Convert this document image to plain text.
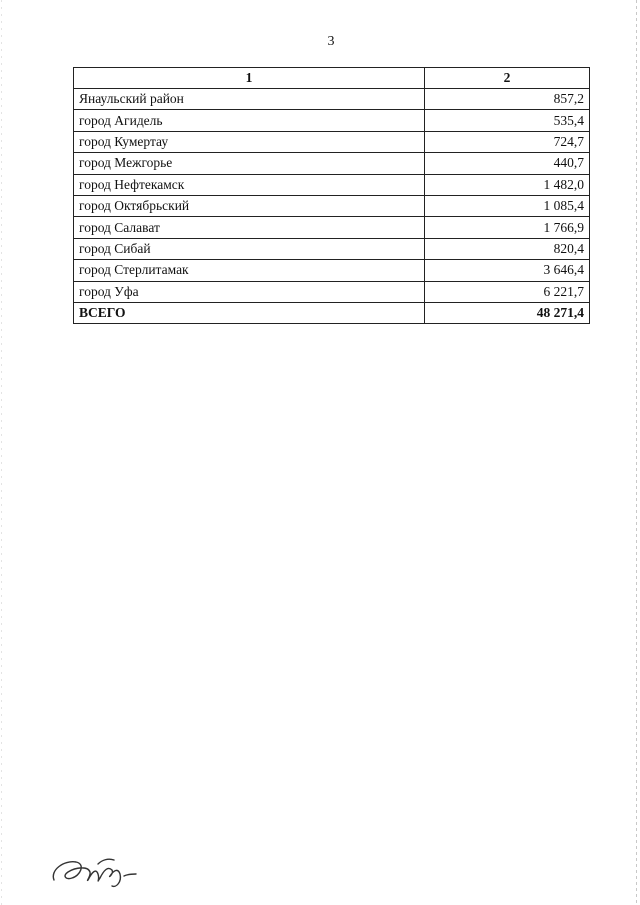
3
1	2
Янаульский район	857,2
город Агидель	535,4
город Кумертау	724,7
город Межгорье	440,7
город Нефтекамск	1 482,0
город Октябрьский	1 085,4
город Салават	1 766,9
город Сибай	820,4
город Стерлитамак	3 646,4
город Уфа	6 221,7
ВСЕГО	48 271,4
